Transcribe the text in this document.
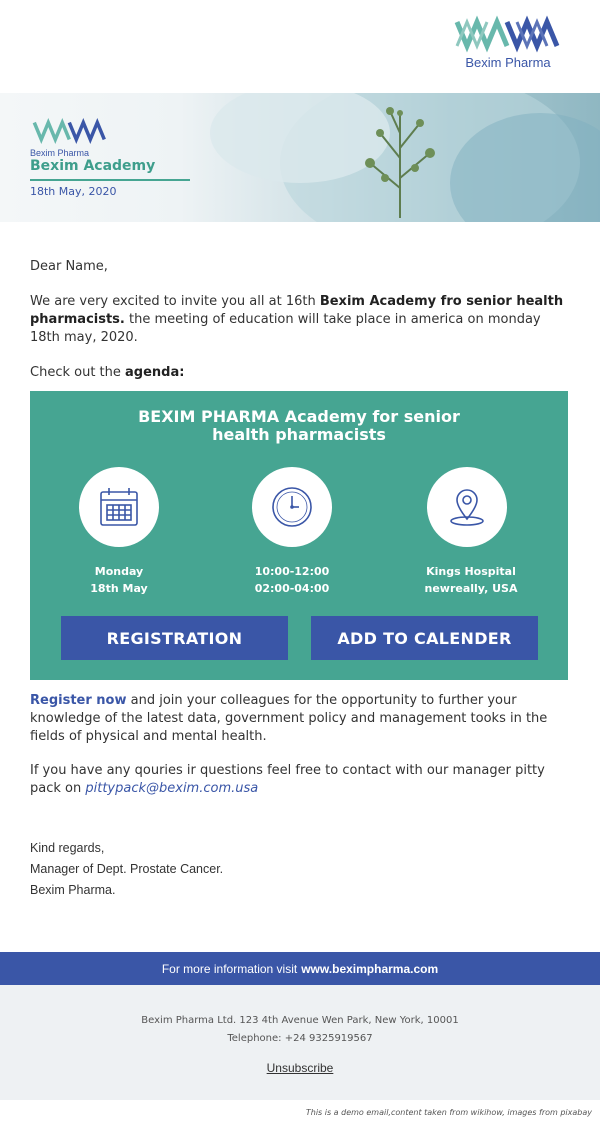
Bexim Pharma
Bexim Pharma
Bexim Academy
18th May, 2020

Dear Name,

We are very excited to invite you all at 16th Bexim Academy fro senior health pharmacists. the meeting of education will take place in america on monday 18th may, 2020.

Check out the agenda:

BEXIM PHARMA Academy for senior
health pharmacists
Monday
18th May
10:00-12:00
02:00-04:00
Kings Hospital
newreally, USA
REGISTRATION	ADD TO CALENDER

Register now and join your colleagues for the opportunity to further your knowledge of the latest data, government policy and management tooks in the fields of physical and mental health.

If you have any qouries ir questions feel free to contact with our manager pitty pack on pittypack@bexim.com.usa

Kind regards,
Manager of Dept. Prostate Cancer.
Bexim Pharma.
For more information visit www.beximpharma.com
Bexim Pharma Ltd. 123 4th Avenue Wen Park, New York, 10001
Telephone: +24 9325919567
Unsubscribe
This is a demo email,content taken from wikihow, images from pixabay
